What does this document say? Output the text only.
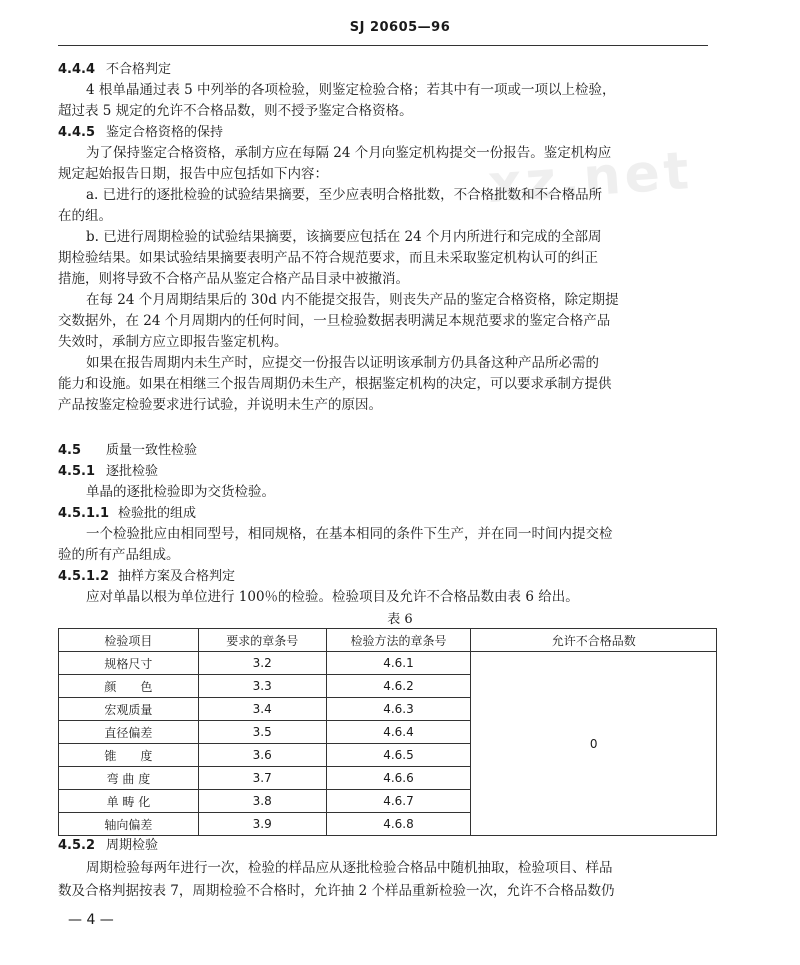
SJ 20605—96
xz.net
4.4.4 不合格判定
4 根单晶通过表 5 中列举的各项检验，则鉴定检验合格；若其中有一项或一项以上检验，
超过表 5 规定的允许不合格品数，则不授予鉴定合格资格。
4.4.5 鉴定合格资格的保持
为了保持鉴定合格资格，承制方应在每隔 24 个月向鉴定机构提交一份报告。鉴定机构应
规定起始报告日期，报告中应包括如下内容：
a. 已进行的逐批检验的试验结果摘要，至少应表明合格批数，不合格批数和不合格品所
在的组。
b. 已进行周期检验的试验结果摘要，该摘要应包括在 24 个月内所进行和完成的全部周
期检验结果。如果试验结果摘要表明产品不符合规范要求，而且未采取鉴定机构认可的纠正
措施，则将导致不合格产品从鉴定合格产品目录中被撤消。
在每 24 个月周期结果后的 30d 内不能提交报告，则丧失产品的鉴定合格资格，除定期提
交数据外，在 24 个月周期内的任何时间，一旦检验数据表明满足本规范要求的鉴定合格产品
失效时，承制方应立即报告鉴定机构。
如果在报告周期内未生产时，应提交一份报告以证明该承制方仍具备这种产品所必需的
能力和设施。如果在相继三个报告周期仍未生产，根据鉴定机构的决定，可以要求承制方提供
产品按鉴定检验要求进行试验，并说明未生产的原因。
4.5 质量一致性检验
4.5.1 逐批检验
单晶的逐批检验即为交货检验。
4.5.1.1 检验批的组成
一个检验批应由相同型号，相同规格，在基本相同的条件下生产，并在同一时间内提交检
验的所有产品组成。
表 6
检验项目	要求的章条号	检验方法的章条号	允许不合格品数
规格尺寸	3.2	4.6.1	0
颜　　色	3.3	4.6.2	
宏观质量	3.4	4.6.3	
直径偏差	3.5	4.6.4	
锥　　度	3.6	4.6.5	
弯 曲 度	3.7	4.6.6	
单 畴 化	3.8	4.6.7	
轴向偏差	3.9	4.6.8	
4.5.2 周期检验
周期检验每两年进行一次，检验的样品应从逐批检验合格品中随机抽取，检验项目、样品
数及合格判据按表 7，周期检验不合格时，允许抽 2 个样品重新检验一次，允许不合格品数仍
— 4 —
4.5.1.2 抽样方案及合格判定
应对单晶以根为单位进行 100％的检验。检验项目及允许不合格品数由表 6 给出。
